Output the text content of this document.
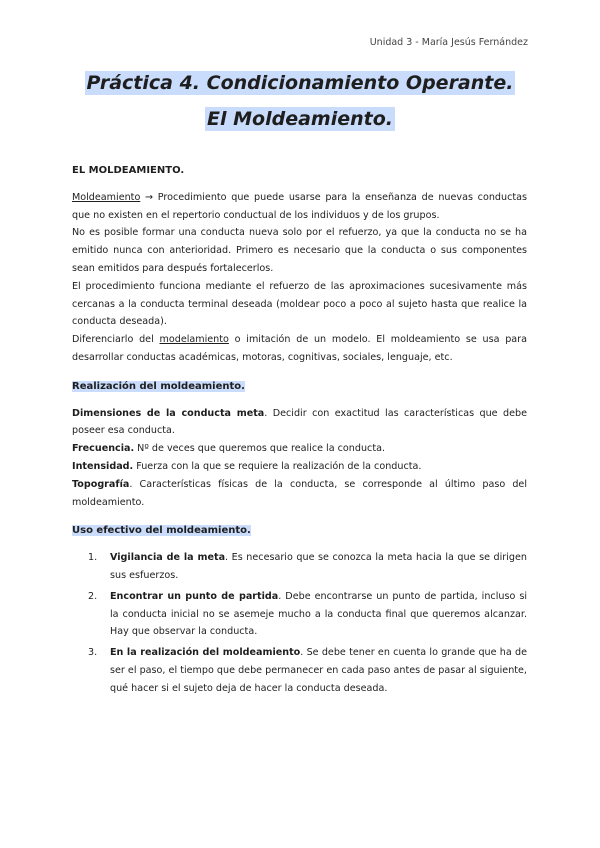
Unidad 3 - María Jesús Fernández
Práctica 4. Condicionamiento Operante.
El Moldeamiento.

EL MOLDEAMIENTO.

Moldeamiento → Procedimiento que puede usarse para la enseñanza de nuevas conductas que no existen en el repertorio conductual de los individuos y de los grupos.

No es posible formar una conducta nueva solo por el refuerzo, ya que la conducta no se ha emitido nunca con anterioridad. Primero es necesario que la conducta o sus componentes sean emitidos para después fortalecerlos.

El procedimiento funciona mediante el refuerzo de las aproximaciones sucesivamente más cercanas a la conducta terminal deseada (moldear poco a poco al sujeto hasta que realice la conducta deseada).

Diferenciarlo del modelamiento o imitación de un modelo. El moldeamiento se usa para desarrollar conductas académicas, motoras, cognitivas, sociales, lenguaje, etc.

Realización del moldeamiento.

Dimensiones de la conducta meta. Decidir con exactitud las características que debe poseer esa conducta.

Frecuencia. Nº de veces que queremos que realice la conducta.

Intensidad. Fuerza con la que se requiere la realización de la conducta.

Topografía. Características físicas de la conducta, se corresponde al último paso del moldeamiento.

Uso efectivo del moldeamiento.

1. Vigilancia de la meta. Es necesario que se conozca la meta hacia la que se dirigen sus esfuerzos.
2. Encontrar un punto de partida. Debe encontrarse un punto de partida, incluso si la conducta inicial no se asemeje mucho a la conducta final que queremos alcanzar. Hay que observar la conducta.
3. En la realización del moldeamiento. Se debe tener en cuenta lo grande que ha de ser el paso, el tiempo que debe permanecer en cada paso antes de pasar al siguiente, qué hacer si el sujeto deja de hacer la conducta deseada.
